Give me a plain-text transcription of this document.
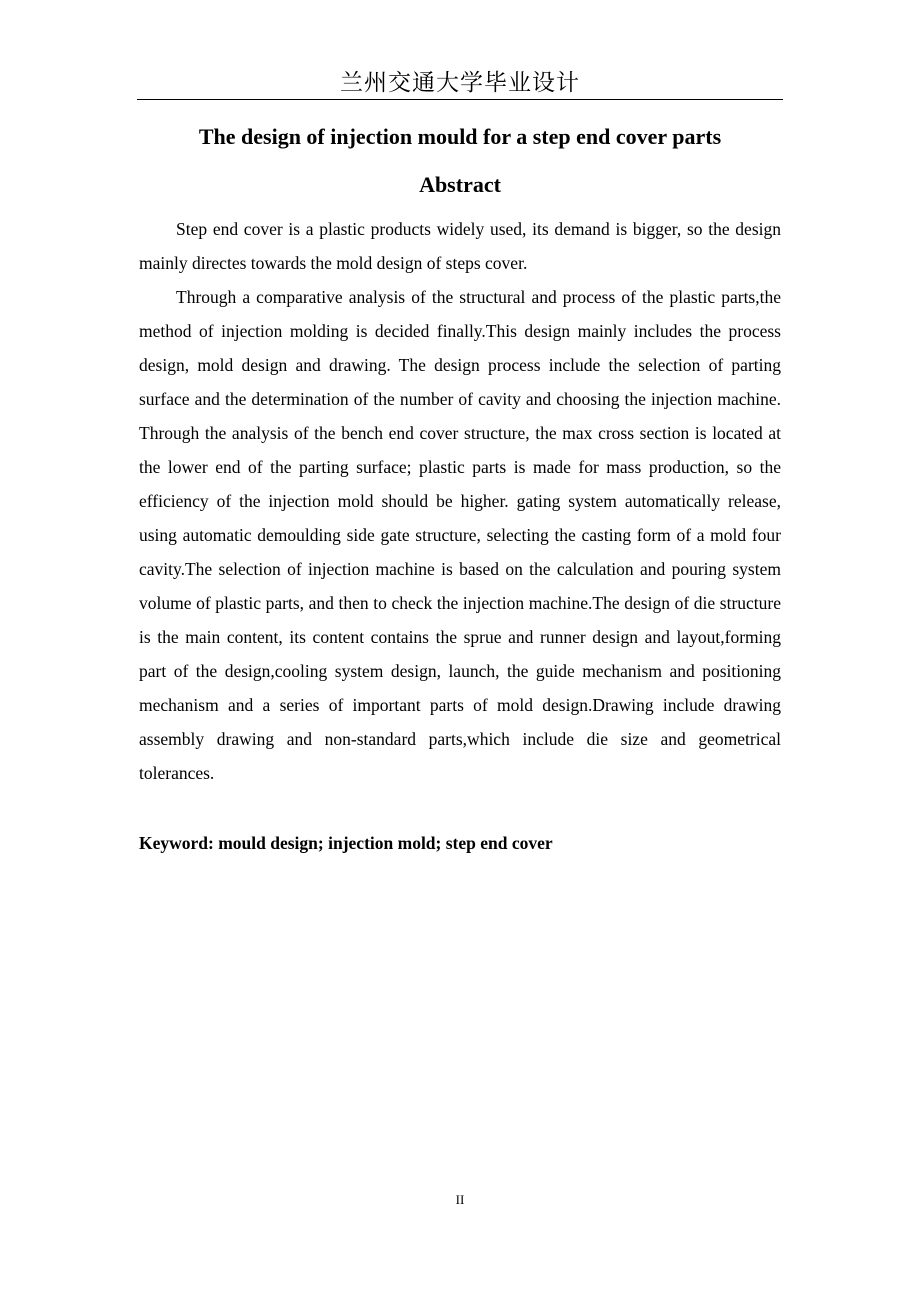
兰州交通大学毕业设计
The design of injection mould for a step end cover parts
Abstract

Step end cover is a plastic products widely used, its demand is bigger, so the design mainly directes towards the mold design of steps cover.

Through a comparative analysis of the structural and process of the plastic parts,the method of injection molding is decided finally.This design mainly includes the process design, mold design and drawing. The design process include the selection of parting surface and the determination of the number of cavity and choosing the injection machine. Through the analysis of the bench end cover structure, the max cross section is located at the lower end of the parting surface; plastic parts is made for mass production, so the efficiency of the injection mold should be higher. gating system automatically release, using automatic demoulding side gate structure, selecting the casting form of a mold four cavity.The selection of injection machine is based on the calculation and pouring system volume of plastic parts, and then to check the injection machine.The design of die structure is the main content, its content contains the sprue and runner design and layout,forming part of the design,cooling system design, launch, the guide mechanism and positioning mechanism and a series of important parts of mold design.Drawing include drawing assembly drawing and non-standard parts,which include die size and geometrical tolerances.

Keyword: mould design; injection mold; step end cover
II
